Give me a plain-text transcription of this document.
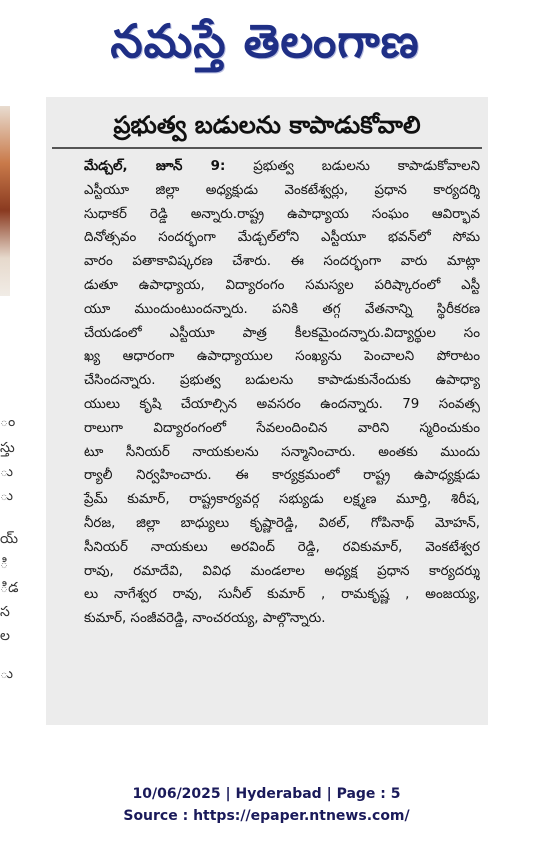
నమస్తే తెలంగాణ
ం
స్తు
ు
ు
య్
ి
ిడ
స
ల
ు
ప్రభుత్వ బడులను కాపాడుకోవాలి
మేడ్చల్‌, జూన్‌ 9: ప్రభుత్వ బడులను కాపాడుకోవాలని
ఎస్టీయూ జిల్లా అధ్యక్షుడు వెంకటేశ్వర్లు, ప్రధాన కార్యదర్శి
సుధాకర్‌ రెడ్డి అన్నారు.రాష్ట్ర ఉపాధ్యాయ సంఘం ఆవిర్భావ
దినోత్సవం సందర్భంగా మేడ్చల్‌లోని ఎస్టీయూ భవన్‌లో సోమ
వారం పతాకావిష్కరణ చేశారు. ఈ సందర్భంగా వారు మాట్లా
డుతూ ఉపాధ్యాయ, విద్యారంగం సమస్యల పరిష్కారంలో ఎస్టీ
యూ ముందుంటుందన్నారు. పనికి తగ్గ వేతనాన్ని స్థిరీకరణ
చేయడంలో ఎస్టీయూ పాత్ర కీలకమైందన్నారు.విద్యార్థుల సం
ఖ్య ఆధారంగా ఉపాధ్యాయుల సంఖ్యను పెంచాలని పోరాటం
చేసిందన్నారు. ప్రభుత్వ బడులను కాపాడుకునేందుకు ఉపాధ్యా
యులు కృషి చేయాల్సిన అవసరం ఉందన్నారు. 79 సంవత్స
రాలుగా విద్యారంగంలో సేవలందించిన వారిని స్మరించుకుం
టూ సీనియర్‌ నాయకులను సన్మానించారు. అంతకు ముందు
ర్యాలీ నిర్వహించారు. ఈ కార్యక్రమంలో రాష్ట్ర ఉపాధ్యక్షుడు
ప్రేమ్‌ కుమార్‌, రాష్ట్రకార్యవర్గ సభ్యుడు లక్ష్మణ మూర్తి, శిరీష,
నీరజ, జిల్లా బాధ్యులు కృష్ణారెడ్డి, విఠల్‌, గోపినాథ్‌ మోహన్‌,
సీనియర్‌ నాయకులు అరవింద్‌ రెడ్డి, రవికుమార్‌, వెంకటేశ్వర
రావు, రమాదేవి, వివిధ మండలాల అధ్యక్ష ప్రధాన కార్యదర్శు
లు నాగేశ్వర రావు, సునీల్‌ కుమార్‌ , రామకృష్ణ , అంజయ్య,
కుమార్‌, సంజీవరెడ్డి, నాంచరయ్య, పాల్గొన్నారు.
10/06/2025 | Hyderabad | Page : 5
Source : https://epaper.ntnews.com/
